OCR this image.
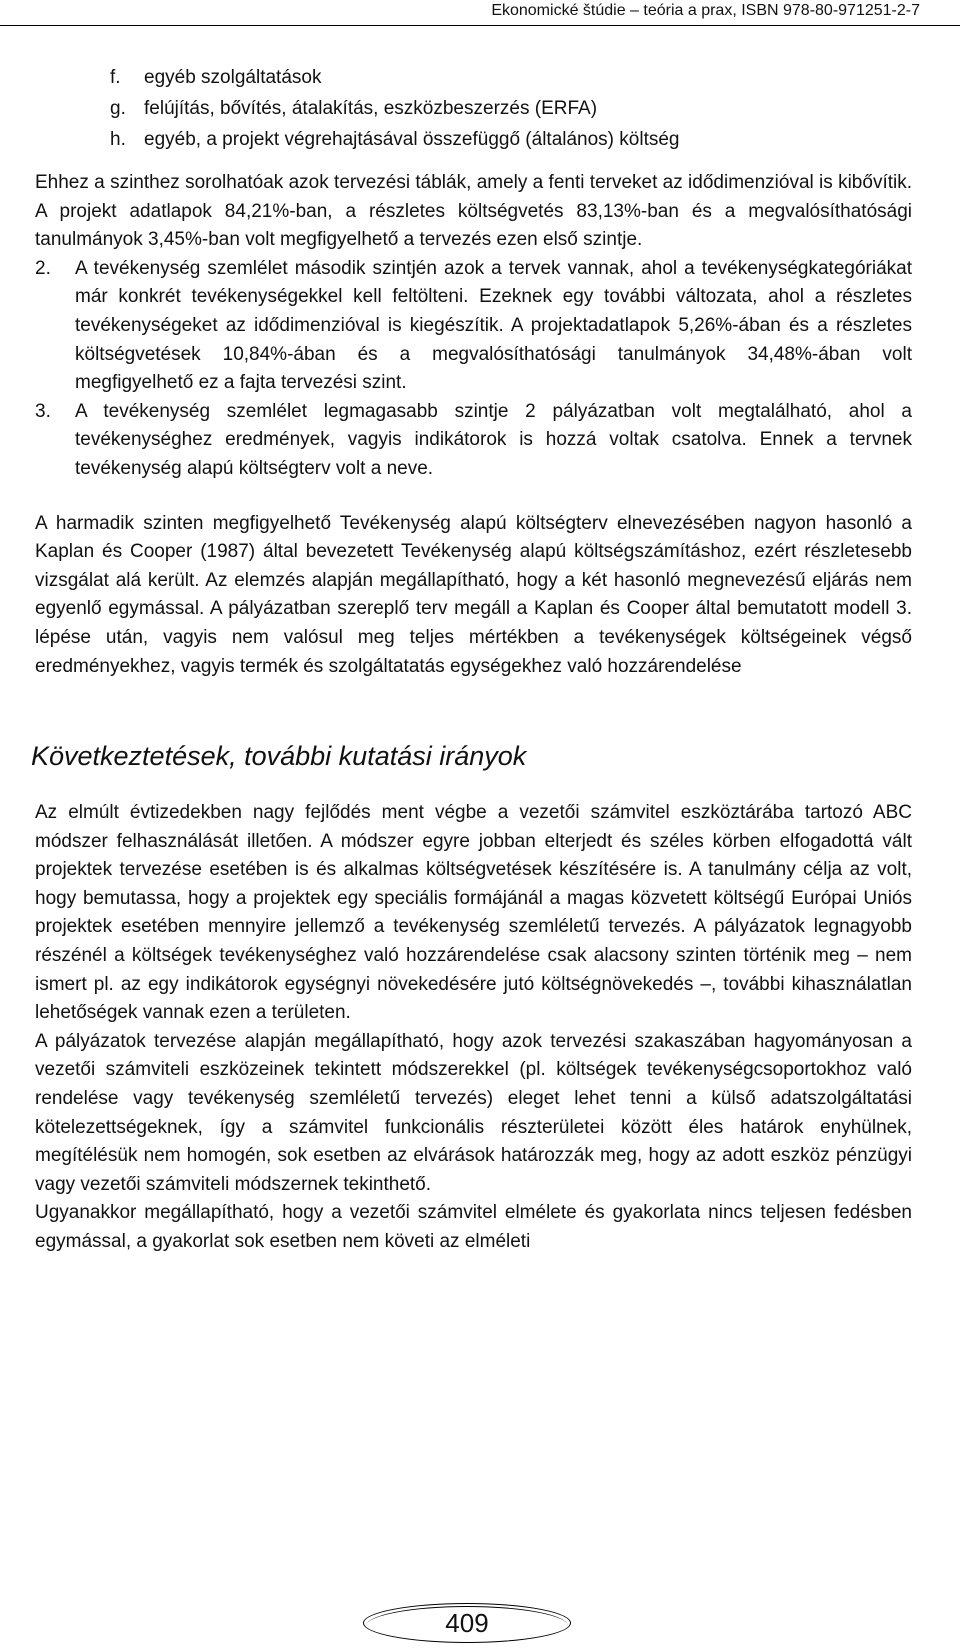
Ekonomické štúdie – teória a prax, ISBN 978-80-971251-2-7
f. egyéb szolgáltatások
g. felújítás, bővítés, átalakítás, eszközbeszerzés (ERFA)
h. egyéb, a projekt végrehajtásával összefüggő (általános) költség

Ehhez a szinthez sorolhatóak azok tervezési táblák, amely a fenti terveket az idődimenzióval is kibővítik. A projekt adatlapok 84,21%-ban, a részletes költségvetés 83,13%-ban és a megvalósíthatósági tanulmányok 3,45%-ban volt megfigyelhető a tervezés ezen első szintje.

2.	A tevékenység szemlélet második szintjén azok a tervek vannak, ahol a tevékenységkategóriákat már konkrét tevékenységekkel kell feltölteni. Ezeknek egy további változata, ahol a részletes tevékenységeket az idődimenzióval is kiegészítik. A projektadatlapok 5,26%-ában és a részletes költségvetések 10,84%-ában és a megvalósíthatósági tanulmányok 34,48%-ában volt megfigyelhető ez a fajta tervezési szint.
3.	A tevékenység szemlélet legmagasabb szintje 2 pályázatban volt megtalálható, ahol a tevékenységhez eredmények, vagyis indikátorok is hozzá voltak csatolva. Ennek a tervnek tevékenység alapú költségterv volt a neve.

A harmadik szinten megfigyelhető Tevékenység alapú költségterv elnevezésében nagyon hasonló a Kaplan és Cooper (1987) által bevezetett Tevékenység alapú költségszámításhoz, ezért részletesebb vizsgálat alá került. Az elemzés alapján megállapítható, hogy a két hasonló megnevezésű eljárás nem egyenlő egymással. A pályázatban szereplő terv megáll a Kaplan és Cooper által bemutatott modell 3. lépése után, vagyis nem valósul meg teljes mértékben a tevékenységek költségeinek végső eredményekhez, vagyis termék és szolgáltatatás egységekhez való hozzárendelése

Következtetések, további kutatási irányok

Az elmúlt évtizedekben nagy fejlődés ment végbe a vezetői számvitel eszköztárába tartozó ABC módszer felhasználását illetően. A módszer egyre jobban elterjedt és széles körben elfogadottá vált projektek tervezése esetében is és alkalmas költségvetések készítésére is. A tanulmány célja az volt, hogy bemutassa, hogy a projektek egy speciális formájánál a magas közvetett költségű Európai Uniós projektek esetében mennyire jellemző a tevékenység szemléletű tervezés. A pályázatok legnagyobb részénél a költségek tevékenységhez való hozzárendelése csak alacsony szinten történik meg – nem ismert pl. az egy indikátorok egységnyi növekedésére jutó költségnövekedés –, további kihasználatlan lehetőségek vannak ezen a területen.

A pályázatok tervezése alapján megállapítható, hogy azok tervezési szakaszában hagyományosan a vezetői számviteli eszközeinek tekintett módszerekkel (pl. költségek tevékenységcsoportokhoz való rendelése vagy tevékenység szemléletű tervezés) eleget lehet tenni a külső adatszolgáltatási kötelezettségeknek, így a számvitel funkcionális részterületei között éles határok enyhülnek, megítélésük nem homogén, sok esetben az elvárások határozzák meg, hogy az adott eszköz pénzügyi vagy vezetői számviteli módszernek tekinthető.

Ugyanakkor megállapítható, hogy a vezetői számvitel elmélete és gyakorlata nincs teljesen fedésben egymással, a gyakorlat sok esetben nem követi az elméleti

409
